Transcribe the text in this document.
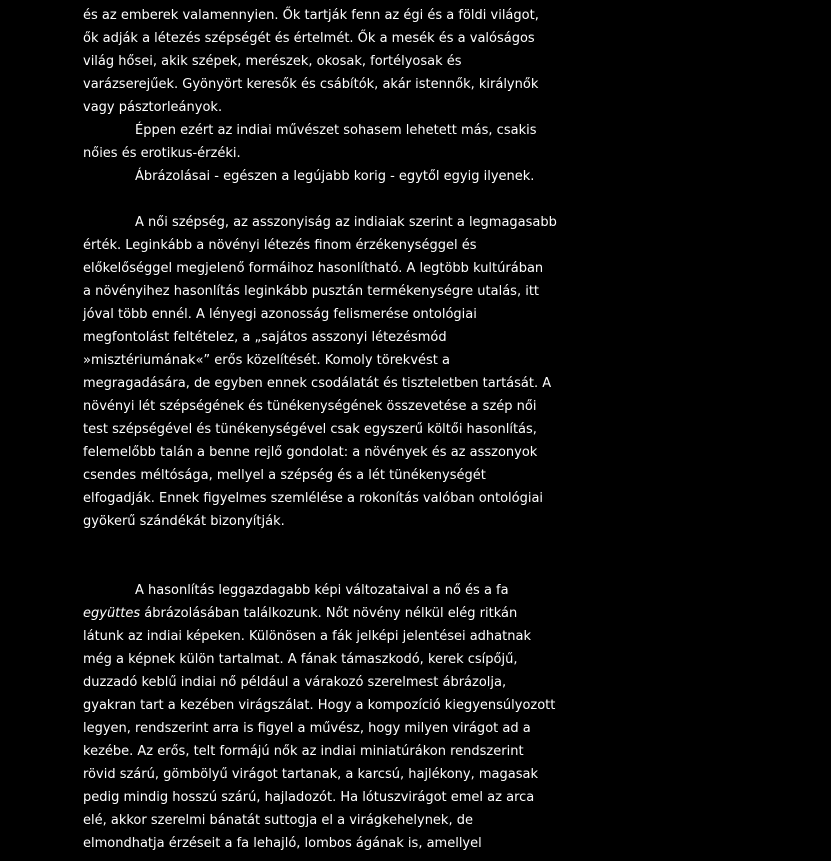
és az emberek valamennyien. Ők tartják fenn az égi és a földi világot,
ők adják a létezés szépségét és értelmét. Ők a mesék és a valóságos
világ hősei, akik szépek, merészek, okosak, fortélyosak és
varázserejűek. Gyönyört keresők és csábítók, akár istennők, királynők
vagy pásztorleányok.
Éppen ezért az indiai művészet sohasem lehetett más, csakis
nőies és erotikus-érzéki.
Ábrázolásai - egészen a legújabb korig - egytől egyig ilyenek.
A női szépség, az asszonyiság az indiaiak szerint a legmagasabb
érték. Leginkább a növényi létezés finom érzékenységgel és
előkelőséggel megjelenő formáihoz hasonlítható. A legtöbb kultúrában
a növényihez hasonlítás leginkább pusztán termékenységre utalás, itt
jóval több ennél. A lényegi azonosság felismerése ontológiai
megfontolást feltételez, a „sajátos asszonyi létezésmód
»misztériumának«” erős közelítését. Komoly törekvést a
megragadására, de egyben ennek csodálatát és tiszteletben tartását. A
növényi lét szépségének és tünékenységének összevetése a szép női
test szépségével és tünékenységével csak egyszerű költői hasonlítás,
felemelőbb talán a benne rejlő gondolat: a növények és az asszonyok
csendes méltósága, mellyel a szépség és a lét tünékenységét
elfogadják. Ennek figyelmes szemlélése a rokonítás valóban ontológiai
gyökerű szándékát bizonyítják.
A hasonlítás leggazdagabb képi változataival a nő és a fa
együttes ábrázolásában találkozunk. Nőt növény nélkül elég ritkán
látunk az indiai képeken. Különösen a fák jelképi jelentései adhatnak
még a képnek külön tartalmat. A fának támaszkodó, kerek csípőjű,
duzzadó keblű indiai nő például a várakozó szerelmest ábrázolja,
gyakran tart a kezében virágszálat. Hogy a kompozíció kiegyensúlyozott
legyen, rendszerint arra is figyel a művész, hogy milyen virágot ad a
kezébe. Az erős, telt formájú nők az indiai miniatúrákon rendszerint
rövid szárú, gömbölyű virágot tartanak, a karcsú, hajlékony, magasak
pedig mindig hosszú szárú, hajladozót. Ha lótuszvirágot emel az arca
elé, akkor szerelmi bánatát suttogja el a virágkehelynek, de
elmondhatja érzéseit a fa lehajló, lombos ágának is, amellyel
